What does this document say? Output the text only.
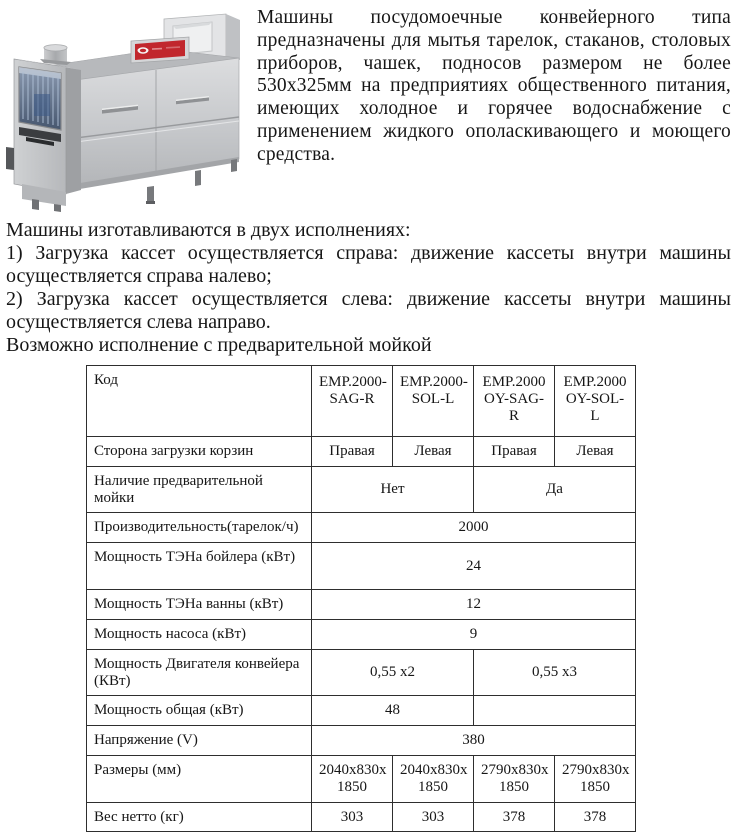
Машины посудомоечные конвейерного типа предназначены для мытья тарелок, стаканов, столовых приборов, чашек, подносов размером не более 530x325мм на предприятиях общественного питания, имеющих холодное и горячее водоснабжение с применением жидкого ополаскивающего и моющего средства.

Машины изготавливаются в двух исполнениях:

1) Загрузка кассет осуществляется справа: движение кассеты внутри машины осуществляется справа налево;

2) Загрузка кассет осуществляется слева: движение кассеты внутри машины осуществляется слева направо.

Возможно исполнение с предварительной мойкой

Код	EMP.2000-SAG-R	EMP.2000-SOL-L	EMP.2000 OY-SAG-R	EMP.2000 OY-SOL-L
Сторона загрузки корзин	Правая	Левая	Правая	Левая
Наличие предварительной мойки	Нет		Да	
Производительность(тарелок/ч)	2000			
Мощность ТЭНа бойлера (кВт)	24			
Мощность ТЭНа ванны (кВт)	12			
Мощность насоса (кВт)	9			
Мощность Двигателя конвейера (КВт)	0,55 x2		0,55 x3	
Мощность общая (кВт)	48			
Напряжение (V)	380			
Размеры (мм)	2040x830x 1850	2040x830x 1850	2790x830x 1850	2790x830x 1850
Вес нетто (кг)	303	303	378	378
